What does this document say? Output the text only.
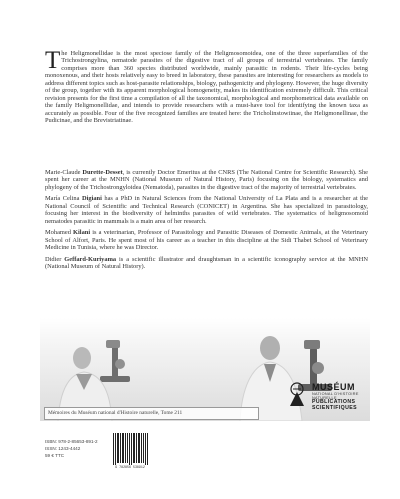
The Heligmonellidae is the most speciose family of the Heligmosomoidea, one of the three superfamilies of the Trichostrongylina, nematode parasites of the digestive tract of all groups of terrestrial vertebrates. The family comprises more than 360 species distributed worldwide, mainly parasitic in rodents. Their life-cycles being monoxenous, and their hosts relatively easy to breed in laboratory, these parasites are interesting for researchers as models to address different topics such as host-parasite relationships, biology, pathogenicity and phylogeny. However, the huge diversity of the group, together with its apparent morphological homogeneity, makes its identification extremely difficult. This critical revision presents for the first time a compilation of all the taxonomical, morphological and morphometrical data available on the family Heligmonellidae, and intends to provide researchers with a must-have tool for identifying the known taxa as accurately as possible. Four of the five recognized families are treated here: the Tricholinstowiinae, the Heligmonellinae, the Pudicinae, and the Brevistriatinae.

Marie-Claude Durette-Desset, is currently Doctor Emeritus at the CNRS (The National Centre for Scientific Research). She spent her career at the MNHN (National Museum of Natural History, Paris) focusing on the biology, systematics and phylogeny of the Trichostrongyloidea (Nematoda), parasites in the digestive tract of the majority of terrestrial vertebrates.

María Celina Digiani has a PhD in Natural Sciences from the National University of La Plata and is a researcher at the National Council of Scientific and Technical Research (CONICET) in Argentina. She has specialized in parasitology, focusing her interest in the biodiversity of helminths parasites of wild vertebrates. The systematics of heligmosomoid nematodes parasitic in mammals is a main area of her research.

Mohamed Kilani is a veterinarian, Professor of Parasitology and Parasitic Diseases of Domestic Animals, at the Veterinary School of Alfort, Paris. He spent most of his career as a teacher in this discipline at the Sidi Thabet School of Veterinary Medicine in Tunisia, where he was Director.

Didier Geffard-Kuriyama is a scientific illustrator and draughtsman in a scientific iconography service at the MNHN (National Museum of Natural History).

Mémoires du Muséum national d'Histoire naturelle, Tome 211
MUSÉUM
NATIONAL D'HISTOIRE NATURELLE
PUBLICATIONS
SCIENTIFIQUES
ISBN: 978-2-85653-891-2
ISSN: 1243-4442
59 € TTC
9 782856 538912
